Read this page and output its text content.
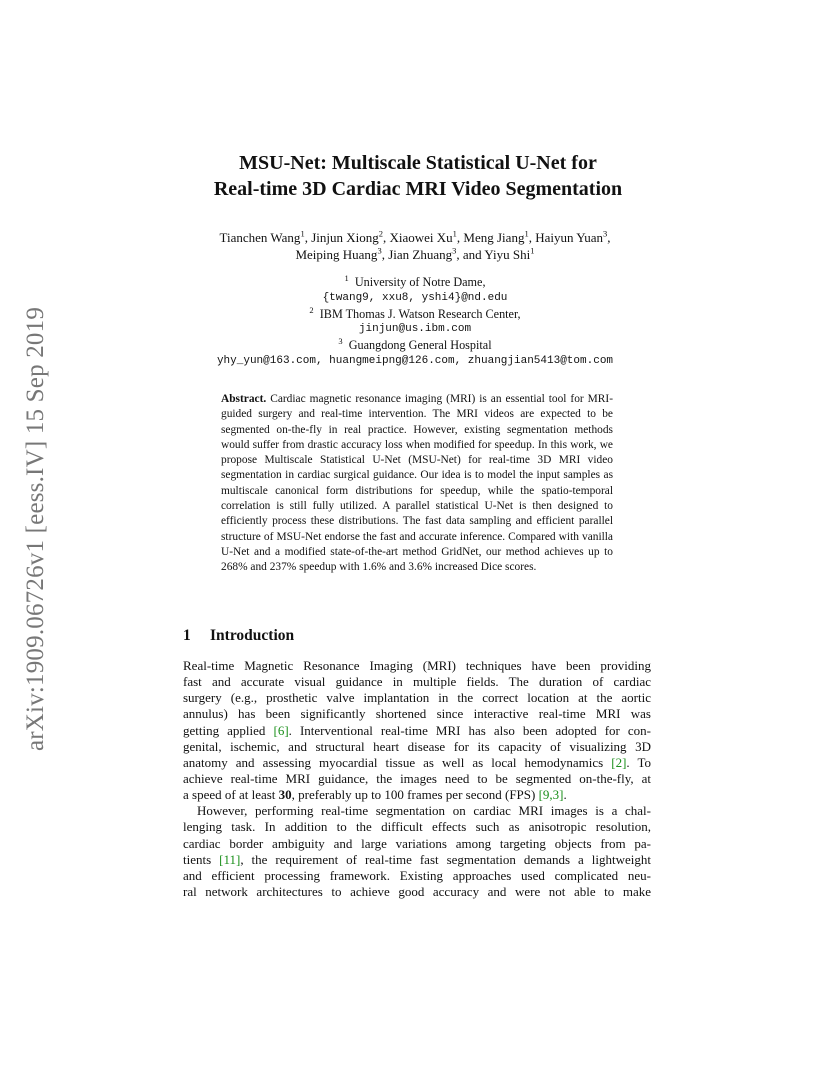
arXiv:1909.06726v1 [eess.IV] 15 Sep 2019
MSU-Net: Multiscale Statistical U-Net for
Real-time 3D Cardiac MRI Video Segmentation
Tianchen Wang$^1$, Jinjun Xiong$^2$, Xiaowei Xu$^1$, Meng Jiang$^1$, Haiyun Yuan$^3$,
Meiping Huang$^3$, Jian Zhuang$^3$, and Yiyu Shi$^1$
$^1$  University of Notre Dame,
{twang9, xxu8, yshi4}@nd.edu
$^2$  IBM Thomas J. Watson Research Center,
jinjun@us.ibm.com
$^3$  Guangdong General Hospital
yhy_yun@163.com, huangmeipng@126.com, zhuangjian5413@tom.com
Abstract. Cardiac magnetic resonance imaging (MRI) is an essential tool for MRI-guided surgery and real-time intervention. The MRI videos are expected to be segmented on-the-fly in real practice. However, existing segmentation methods would suffer from drastic accuracy loss when modified for speedup. In this work, we propose Multiscale Statistical U-Net (MSU-Net) for real-time 3D MRI video segmentation in cardiac surgical guidance. Our idea is to model the input samples as multiscale canonical form distributions for speedup, while the spatio-temporal correlation is still fully utilized. A parallel statistical U-Net is then designed to efficiently process these distributions. The fast data sampling and efficient parallel structure of MSU-Net endorse the fast and accurate inference. Compared with vanilla U-Net and a modified state-of-the-art method GridNet, our method achieves up to 268% and 237% speedup with 1.6% and 3.6% increased Dice scores.
1 Introduction
Real-time Magnetic Resonance Imaging (MRI) techniques have been providing
fast and accurate visual guidance in multiple fields. The duration of cardiac
surgery (e.g., prosthetic valve implantation in the correct location at the aortic
annulus) has been significantly shortened since interactive real-time MRI was
getting applied [6]. Interventional real-time MRI has also been adopted for con-
genital, ischemic, and structural heart disease for its capacity of visualizing 3D
anatomy and assessing myocardial tissue as well as local hemodynamics [2]. To
achieve real-time MRI guidance, the images need to be segmented on-the-fly, at
a speed of at least 30, preferably up to 100 frames per second (FPS) [9,3].
However, performing real-time segmentation on cardiac MRI images is a chal-
lenging task. In addition to the difficult effects such as anisotropic resolution,
cardiac border ambiguity and large variations among targeting objects from pa-
tients [11], the requirement of real-time fast segmentation demands a lightweight
and efficient processing framework. Existing approaches used complicated neu-
ral network architectures to achieve good accuracy and were not able to make
